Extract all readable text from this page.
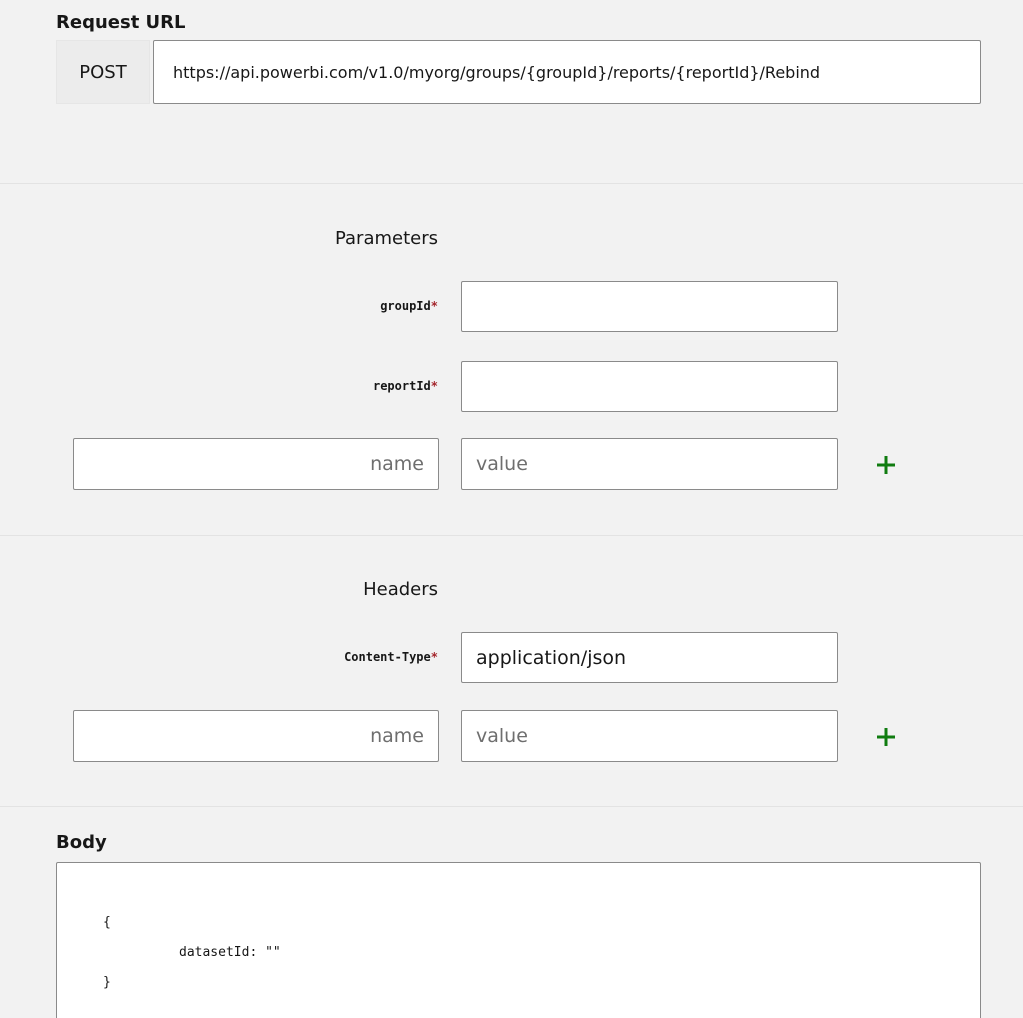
Request URL
POST	https://api.powerbi.com/v1.0/myorg/groups/{groupId}/reports/{reportId}/Rebind
Parameters
groupId*
reportId*
name
value
Headers
Content-Type*
application/json
name
value
Body
{
datasetId: ""
}
